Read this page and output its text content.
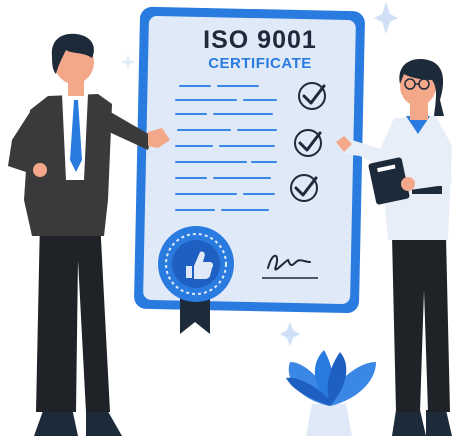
ISO 9001
CERTIFICATE
